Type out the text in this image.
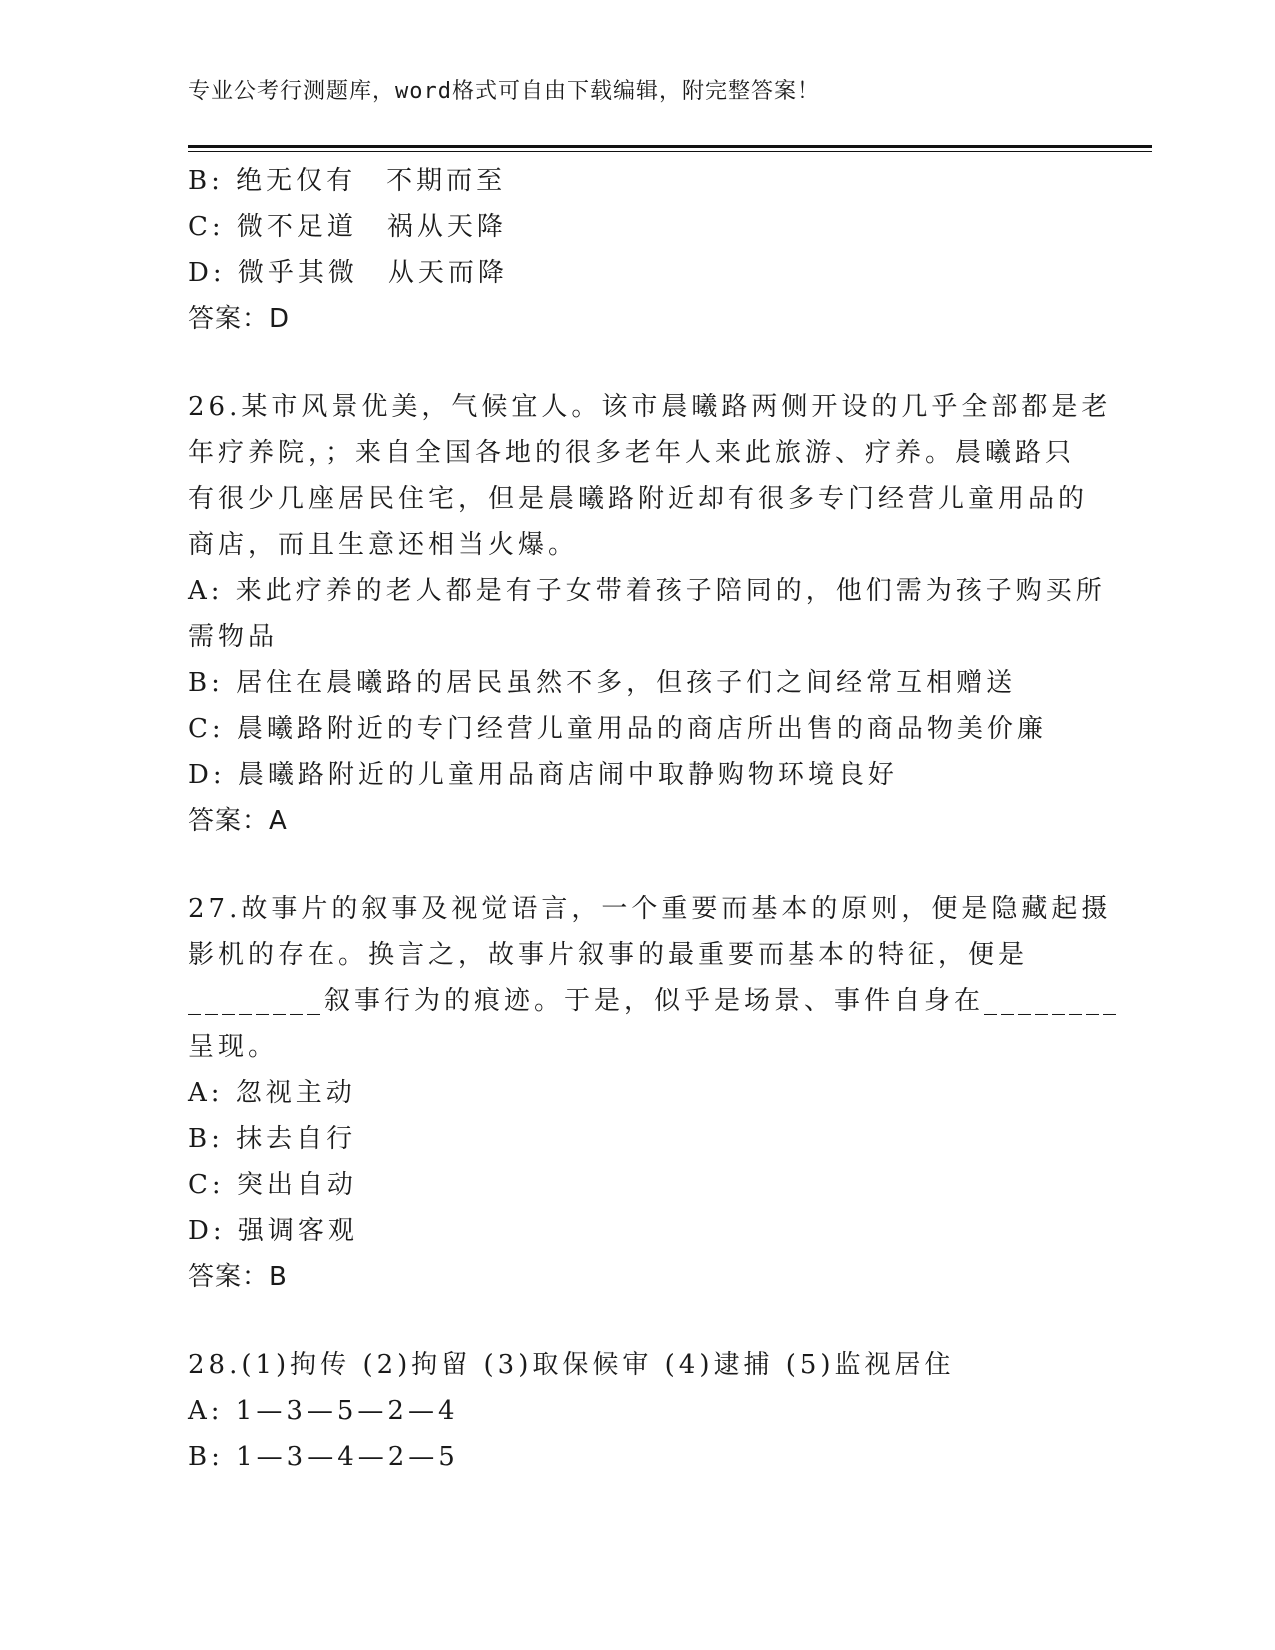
专业公考行测题库，word格式可自由下载编辑，附完整答案！
B: 绝无仅有　不期而至
C: 微不足道　祸从天降
D: 微乎其微　从天而降
答案：D
26.某市风景优美，气候宜人。该市晨曦路两侧开设的几乎全部都是老
年疗养院，；来自全国各地的很多老年人来此旅游、疗养。晨曦路只
有很少几座居民住宅，但是晨曦路附近却有很多专门经营儿童用品的
商店，而且生意还相当火爆。
A: 来此疗养的老人都是有子女带着孩子陪同的，他们需为孩子购买所
需物品
B: 居住在晨曦路的居民虽然不多，但孩子们之间经常互相赠送
C: 晨曦路附近的专门经营儿童用品的商店所出售的商品物美价廉
D: 晨曦路附近的儿童用品商店闹中取静购物环境良好
答案：A
27.故事片的叙事及视觉语言，一个重要而基本的原则，便是隐藏起摄
影机的存在。换言之，故事片叙事的最重要而基本的特征，便是
________叙事行为的痕迹。于是，似乎是场景、事件自身在________
呈现。
A: 忽视主动
B: 抹去自行
C: 突出自动
D: 强调客观
答案：B
28.(1)拘传 (2)拘留 (3)取保候审 (4)逮捕 (5)监视居住
A: 1—3—5—2—4
B: 1—3—4—2—5
